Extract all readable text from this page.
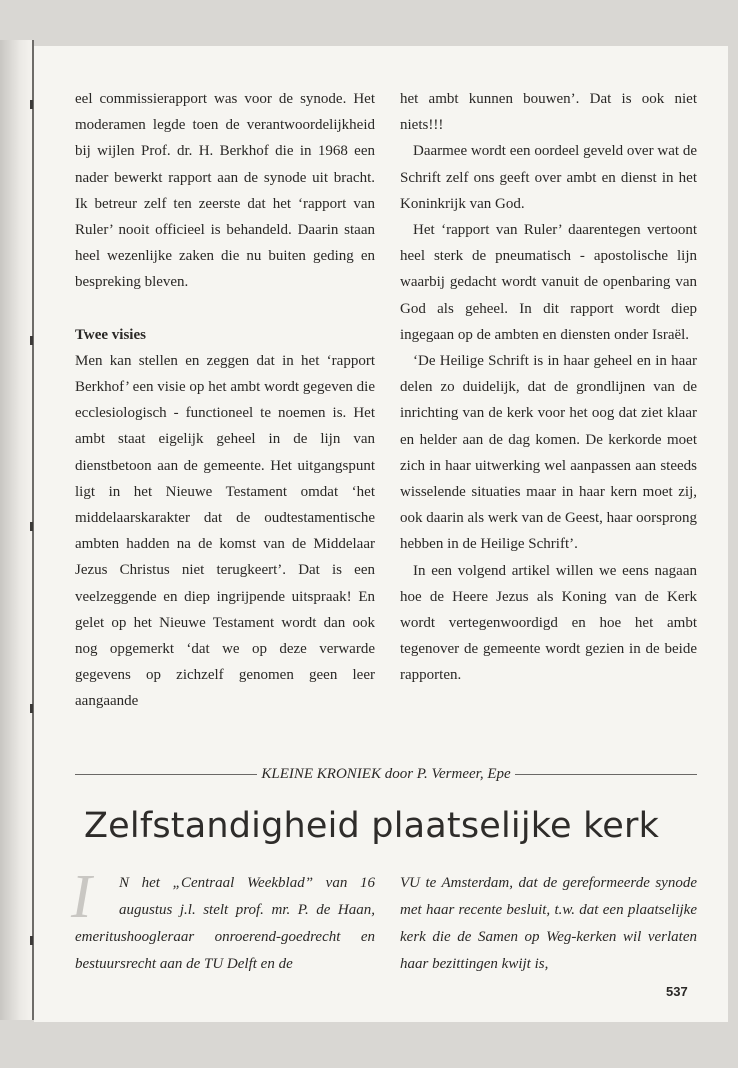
eel commissierapport was voor de synode. Het moderamen legde toen de verantwoordelijkheid bij wijlen Prof. dr. H. Berkhof die in 1968 een nader bewerkt rapport aan de synode uit bracht. Ik betreur zelf ten zeerste dat het ‘rapport van Ruler’ nooit officieel is behandeld. Daarin staan heel wezenlijke zaken die nu buiten geding en bespreking bleven.

Twee visies

Men kan stellen en zeggen dat in het ‘rapport Berkhof’ een visie op het ambt wordt gegeven die ecclesiologisch - functioneel te noemen is. Het ambt staat eigelijk geheel in de lijn van dienstbetoon aan de gemeente. Het uitgangspunt ligt in het Nieuwe Testament omdat ‘het middelaarskarakter dat de oudtestamentische ambten hadden na de komst van de Middelaar Jezus Christus niet terugkeert’. Dat is een veelzeggende en diep ingrijpende uitspraak! En gelet op het Nieuwe Testament wordt dan ook nog opgemerkt ‘dat we op deze verwarde gegevens op zichzelf genomen geen leer aangaande

het ambt kunnen bouwen’. Dat is ook niet niets!!!

Daarmee wordt een oordeel geveld over wat de Schrift zelf ons geeft over ambt en dienst in het Koninkrijk van God.

Het ‘rapport van Ruler’ daarentegen vertoont heel sterk de pneumatisch - apostolische lijn waarbij gedacht wordt vanuit de openbaring van God als geheel. In dit rapport wordt diep ingegaan op de ambten en diensten onder Israël.

‘De Heilige Schrift is in haar geheel en in haar delen zo duidelijk, dat de grondlijnen van de inrichting van de kerk voor het oog dat ziet klaar en helder aan de dag komen. De kerkorde moet zich in haar uitwerking wel aanpassen aan steeds wisselende situaties maar in haar kern moet zij, ook daarin als werk van de Geest, haar oorsprong hebben in de Heilige Schrift’.

In een volgend artikel willen we eens nagaan hoe de Heere Jezus als Koning van de Kerk wordt vertegenwoordigd en hoe het ambt tegenover de gemeente wordt gezien in de beide rapporten.

KLEINE KRONIEK door P. Vermeer, Epe
Zelfstandigheid plaatselijke kerk
I	N het „Centraal Weekblad” van 16 augustus j.l. stelt prof. mr. P. de Haan, emeritushoogleraar onroerend-goedrecht en bestuursrecht aan de TU Delft en de
VU te Amsterdam, dat de gereformeerde synode met haar recente besluit, t.w. dat een plaatselijke kerk die de Samen op Weg-kerken wil verlaten haar bezittingen kwijt is,
537
